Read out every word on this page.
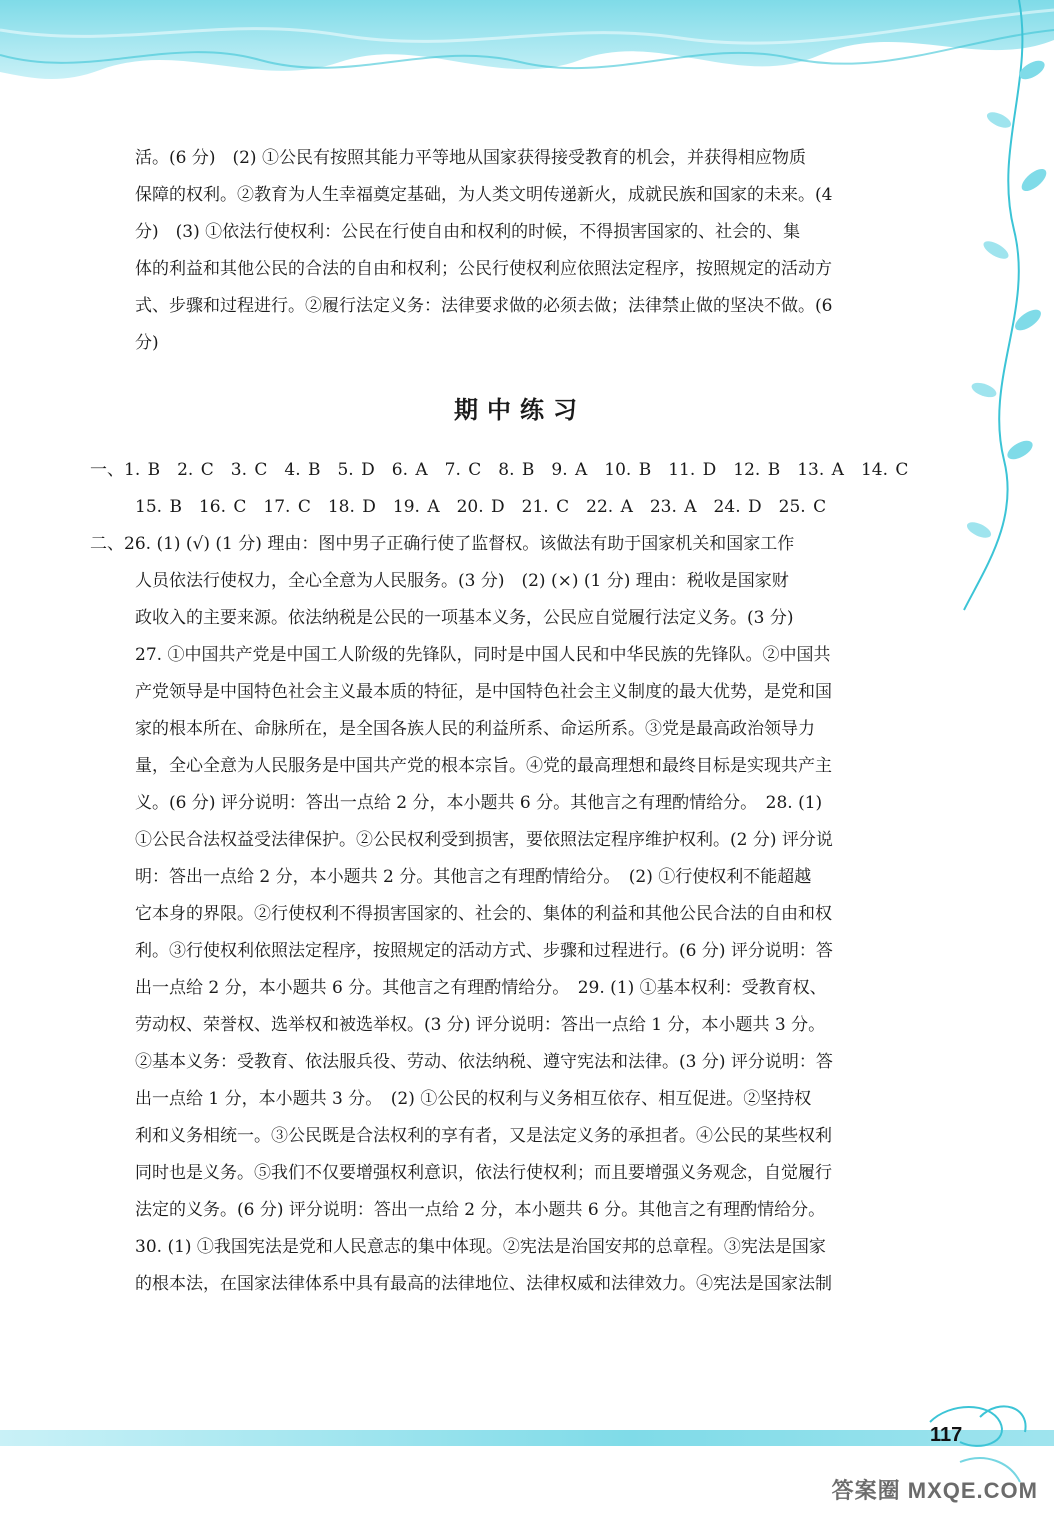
活。(6 分)　(2) ①公民有按照其能力平等地从国家获得接受教育的机会，并获得相应物质

保障的权利。②教育为人生幸福奠定基础，为人类文明传递新火，成就民族和国家的未来。(4

分)　(3) ①依法行使权利：公民在行使自由和权利的时候，不得损害国家的、社会的、集

体的利益和其他公民的合法的自由和权利；公民行使权利应依照法定程序，按照规定的活动方

式、步骤和过程进行。②履行法定义务：法律要求做的必须去做；法律禁止做的坚决不做。(6

分)

期中练习

一、1. B　2. C　3. C　4. B　5. D　6. A　7. C　8. B　9. A　10. B　11. D　12. B　13. A　14. C

15. B　16. C　17. C　18. D　19. A　20. D　21. C　22. A　23. A　24. D　25. C

二、26. (1) (√) (1 分) 理由：图中男子正确行使了监督权。该做法有助于国家机关和国家工作

人员依法行使权力，全心全意为人民服务。(3 分)　(2) (×) (1 分) 理由：税收是国家财

政收入的主要来源。依法纳税是公民的一项基本义务，公民应自觉履行法定义务。(3 分)

27. ①中国共产党是中国工人阶级的先锋队，同时是中国人民和中华民族的先锋队。②中国共

产党领导是中国特色社会主义最本质的特征，是中国特色社会主义制度的最大优势，是党和国

家的根本所在、命脉所在，是全国各族人民的利益所系、命运所系。③党是最高政治领导力

量，全心全意为人民服务是中国共产党的根本宗旨。④党的最高理想和最终目标是实现共产主

义。(6 分) 评分说明：答出一点给 2 分，本小题共 6 分。其他言之有理酌情给分。　28. (1)

①公民合法权益受法律保护。②公民权利受到损害，要依照法定程序维护权利。(2 分) 评分说

明：答出一点给 2 分，本小题共 2 分。其他言之有理酌情给分。　(2) ①行使权利不能超越

它本身的界限。②行使权利不得损害国家的、社会的、集体的利益和其他公民合法的自由和权

利。③行使权利依照法定程序，按照规定的活动方式、步骤和过程进行。(6 分) 评分说明：答

出一点给 2 分，本小题共 6 分。其他言之有理酌情给分。　29. (1) ①基本权利：受教育权、

劳动权、荣誉权、选举权和被选举权。(3 分) 评分说明：答出一点给 1 分，本小题共 3 分。

②基本义务：受教育、依法服兵役、劳动、依法纳税、遵守宪法和法律。(3 分) 评分说明：答

出一点给 1 分，本小题共 3 分。　(2) ①公民的权利与义务相互依存、相互促进。②坚持权

利和义务相统一。③公民既是合法权利的享有者，又是法定义务的承担者。④公民的某些权利

同时也是义务。⑤我们不仅要增强权利意识，依法行使权利；而且要增强义务观念，自觉履行

法定的义务。(6 分) 评分说明：答出一点给 2 分，本小题共 6 分。其他言之有理酌情给分。

30. (1) ①我国宪法是党和人民意志的集中体现。②宪法是治国安邦的总章程。③宪法是国家

的根本法，在国家法律体系中具有最高的法律地位、法律权威和法律效力。④宪法是国家法制

117
答案圈 MXQE.COM
